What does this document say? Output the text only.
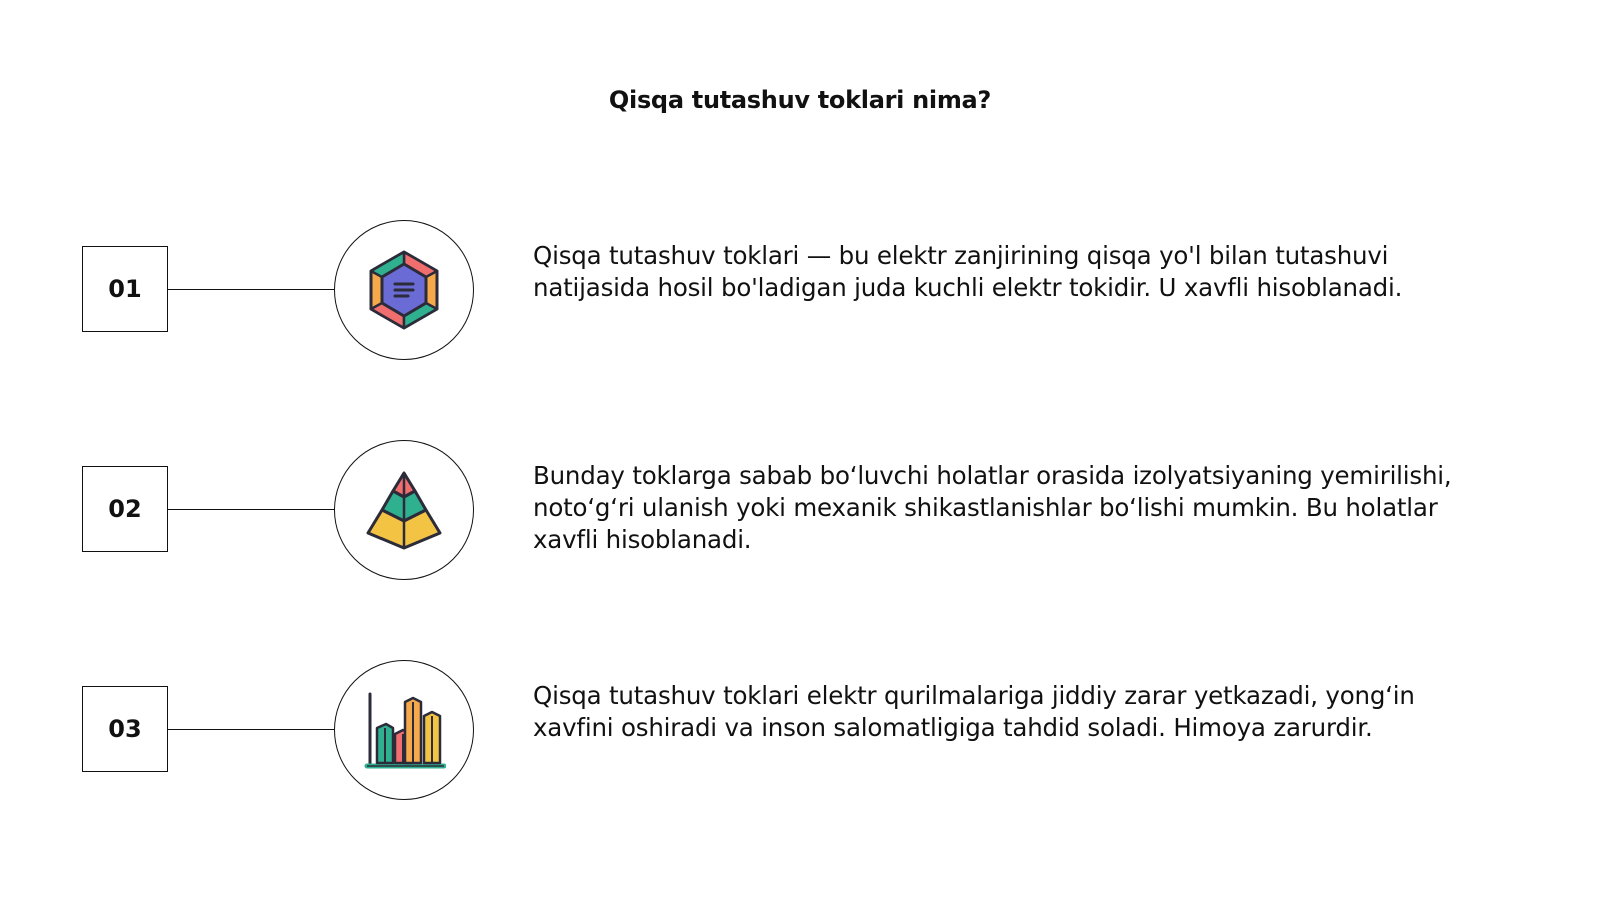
Qisqa tutashuv toklari nima?
01

Qisqa tutashuv toklari — bu elektr zanjirining qisqa yo'l bilan tutashuvi natijasida hosil bo'ladigan juda kuchli elektr tokidir. U xavfli hisoblanadi.

02

Bunday toklarga sabab bo‘luvchi holatlar orasida izolyatsiyaning yemirilishi, noto‘g‘ri ulanish yoki mexanik shikastlanishlar bo‘lishi mumkin. Bu holatlar xavfli hisoblanadi.

03

Qisqa tutashuv toklari elektr qurilmalariga jiddiy zarar yetkazadi, yong‘in xavfini oshiradi va inson salomatligiga tahdid soladi. Himoya zarurdir.
